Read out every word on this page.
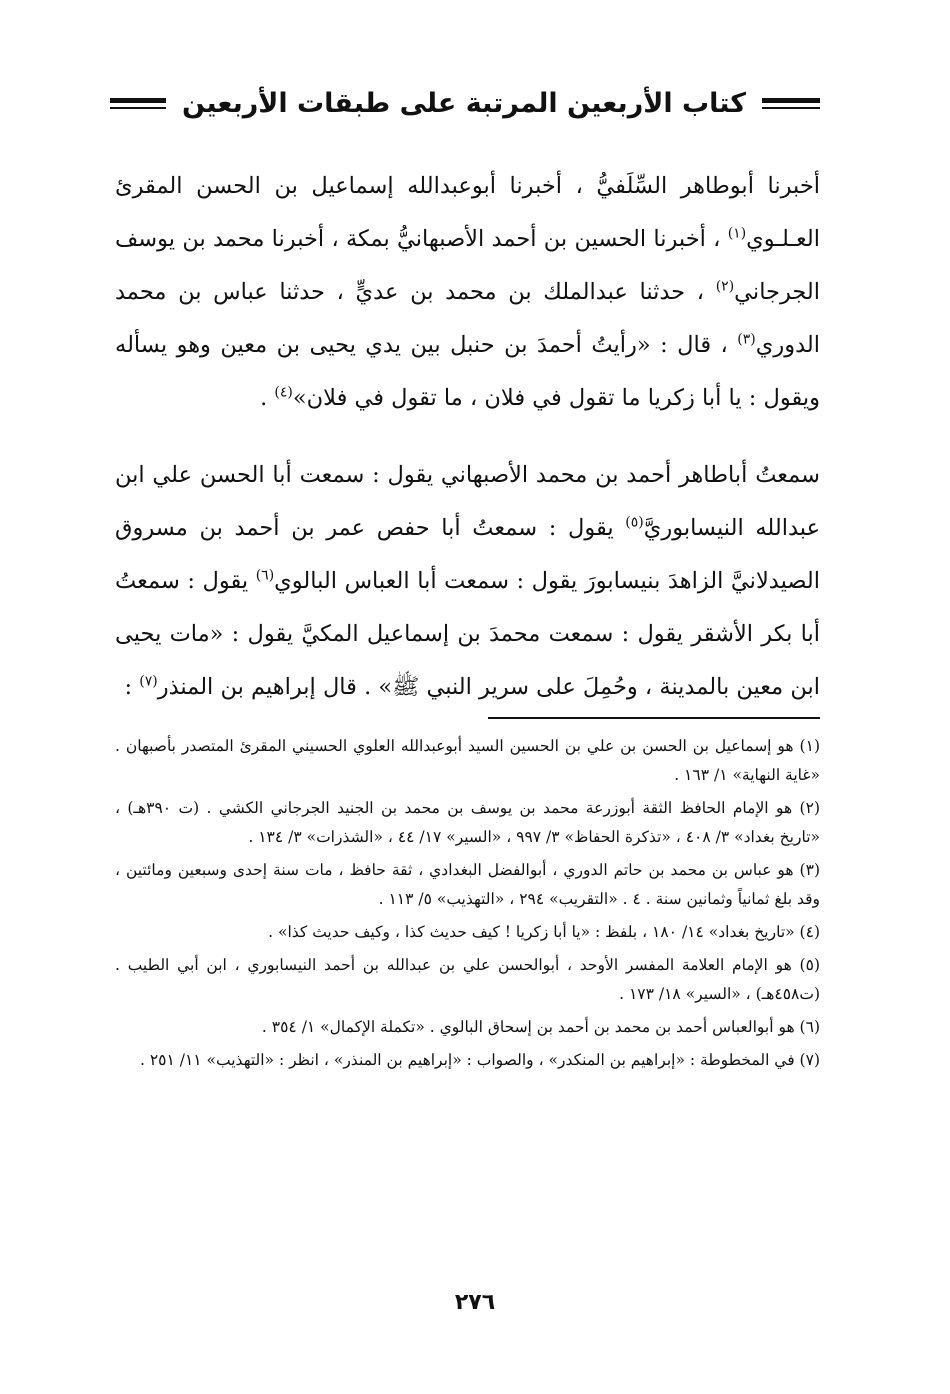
كتاب الأربعين المرتبة على طبقات الأربعين

أخبرنا أبوطاهر السِّلَفيُّ ، أخبرنا أبوعبدالله إسماعيل بن الحسن المقرئ العـلـوي$^{(١)}$ ، أخبرنا الحسين بن أحمد الأصبهانيُّ بمكة ، أخبرنا محمد بن يوسف الجرجاني$^{(٢)}$ ، حدثنا عبدالملك بن محمد بن عديٍّ ، حدثنا عباس بن محمد الدوري$^{(٣)}$ ، قال : «رأيتُ أحمدَ بن حنبل بين يدي يحيى بن معين وهو يسأله ويقول : يا أبا زكريا ما تقول في فلان ، ما تقول في فلان»$^{(٤)}$ .

سمعتُ أباطاهر أحمد بن محمد الأصبهاني يقول : سمعت أبا الحسن علي ابن عبدالله النيسابوريَّ$^{(٥)}$ يقول : سمعتُ أبا حفص عمر بن أحمد بن مسروق الصيدلانيَّ الزاهدَ بنيسابورَ يقول : سمعت أبا العباس البالوي$^{(٦)}$ يقول : سمعتُ أبا بكر الأشقر يقول : سمعت محمدَ بن إسماعيل المكيَّ يقول : «مات يحيى ابن معين بالمدينة ، وحُمِلَ على سرير النبي ﷺ» . قال إبراهيم بن المنذر$^{(٧)}$ :

(١) هو إسماعيل بن الحسن بن علي بن الحسين السيد أبوعبدالله العلوي الحسيني المقرئ المتصدر بأصبهان . «غاية النهاية» ١/ ١٦٣ .

(٢) هو الإمام الحافظ الثقة أبوزرعة محمد بن يوسف بن محمد بن الجنيد الجرجاني الكشي . (ت ٣٩٠هـ) ، «تاريخ بغداد» ٣/ ٤٠٨ ، «تذكرة الحفاظ» ٣/ ٩٩٧ ، «السير» ١٧/ ٤٤ ، «الشذرات» ٣/ ١٣٤ .

(٣) هو عباس بن محمد بن حاتم الدوري ، أبوالفضل البغدادي ، ثقة حافظ ، مات سنة إحدى وسبعين ومائتين ، وقد بلغ ثمانياً وثمانين سنة . ٤ . «التقريب» ٢٩٤ ، «التهذيب» ٥/ ١١٣ .

(٤) «تاريخ بغداد» ١٤/ ١٨٠ ، بلفظ : «يا أبا زكريا ! كيف حديث كذا ، وكيف حديث كذا» .

(٥) هو الإمام العلامة المفسر الأوحد ، أبوالحسن علي بن عبدالله بن أحمد النيسابوري ، ابن أبي الطيب . (ت٤٥٨هـ) ، «السير» ١٨/ ١٧٣ .

(٦) هو أبوالعباس أحمد بن محمد بن أحمد بن إسحاق البالوي . «تكملة الإكمال» ١/ ٣٥٤ .

(٧) في المخطوطة : «إبراهيم بن المنكدر» ، والصواب : «إبراهيم بن المنذر» ، انظر : «التهذيب» ١١/ ٢٥١ .

٢٧٦
